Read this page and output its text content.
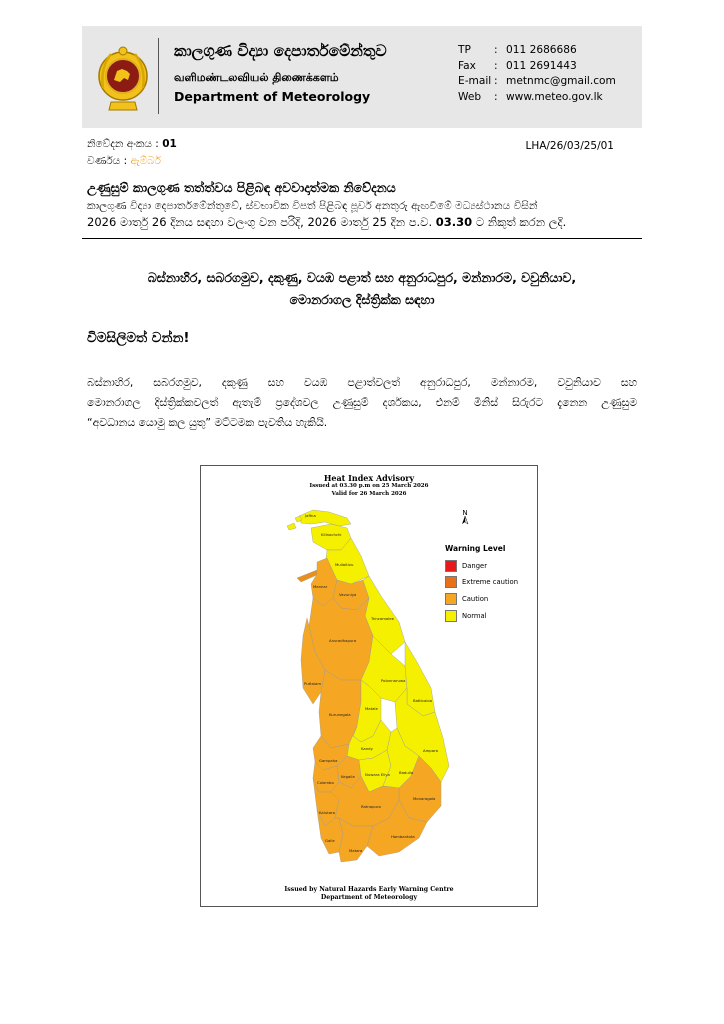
කාලගුණ විද්‍යා දෙපාර්තමේන්තුව
வளிமண்டலவியல் திணைக்களம்
Department of Meteorology
TP : 011 2686686
Fax : 011 2691443
E-mail : metnmc@gmail.com
Web : www.meteo.gov.lk
නිවේදන අංකය : 01
වර්ණය : ඇම්බර්
LHA/26/03/25/01
උණුසුම් කාලගුණ තත්ත්වය පිළිබඳ අවවාදාත්මක නිවේදනය
කාලගුණ විද්‍යා දෙපාර්තමේන්තුවේ, ස්වභාවික විපත් පිළිබඳ පූර්ව අනතුරු ඇඟවීමේ මධ්‍යස්ථානය විසින්
2026 මාර්තු 26 දිනය සඳහා වලංගු වන පරිදි, 2026 මාර්තු 25 දින ප.ව. 03.30 ට නිකුත් කරන ලදි.
බස්නාහිර, සබරගමුව, දකුණු, වයඹ පළාත් සහ අනුරාධපුර, මන්නාරම, වවුනියාව,
මොනරාගල දිස්ත්‍රික්ක සඳහා
විමසිලිමත් වන්න!
බස්නාහිර, සබරගමුව, දකුණු සහ වයඹ පළාත්වලත් අනුරාධපුර, මන්නාරම, වවුනියාව සහ
මොනරාගල දිස්ත්‍රික්කවලත් ඇතැම් ප්‍රදේශවල උණුසුම් දර්ශකය, එනම් මිනිස් සිරුරට දැනෙන උණුසුම
“අවධානය යොමු කල යුතු” මට්ටමක පැවතිය හැකියි.
Heat Index Advisory
Issued at 03.30 p.m on 25 March 2026
Valid for 26 March 2026
N
Jaffna
Kilinochchi
Mullaitivu
Mannar
Vavuniya
Trincomalee
Anuradhapura
Polonnaruwa
Puttalam
Batticaloa
Kurunegala
Matale
Kandy	Ampara
Gampaha
Kegalle	Nuwara Eliya Badulla
Colombo
Monaragala
Kalutara
Ratnapura
Hambantota
Galle
Matara
Warning Level
Danger
Extreme caution
Caution
Normal
Issued by Natural Hazards Early Warning Centre
Department of Meteorology
